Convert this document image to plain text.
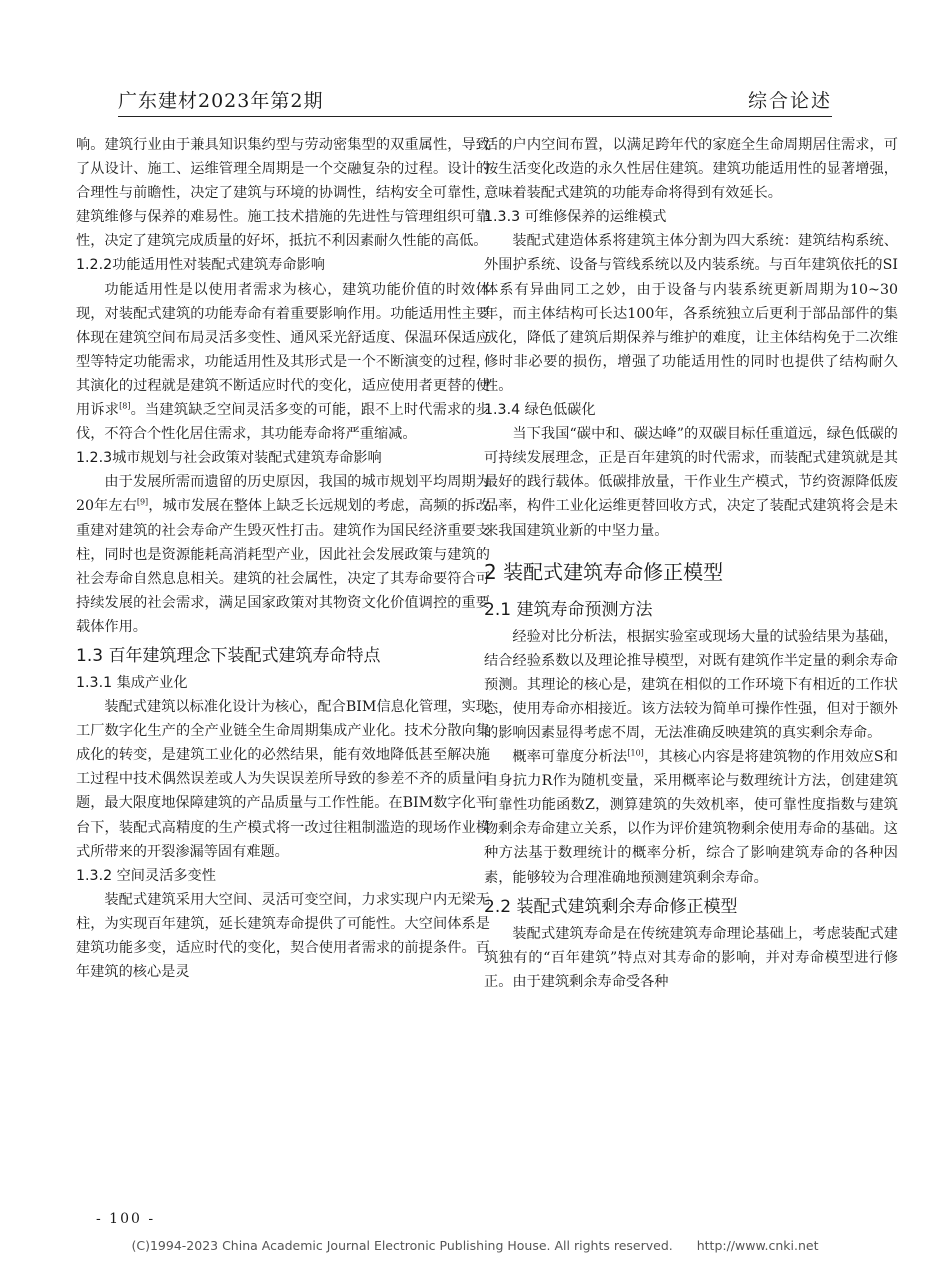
广东建材2023年第2期	综合论述

响。建筑行业由于兼具知识集约型与劳动密集型的双重属性，导致了从设计、施工、运维管理全周期是一个交融复杂的过程。设计的合理性与前瞻性，决定了建筑与环境的协调性，结构安全可靠性，建筑维修与保养的难易性。施工技术措施的先进性与管理组织可靠性，决定了建筑完成质量的好坏，抵抗不利因素耐久性能的高低。

1.2.2功能适用性对装配式建筑寿命影响

功能适用性是以使用者需求为核心，建筑功能价值的时效体现，对装配式建筑的功能寿命有着重要影响作用。功能适用性主要体现在建筑空间布局灵活多变性、通风采光舒适度、保温环保适应型等特定功能需求，功能适用性及其形式是一个不断演变的过程，其演化的过程就是建筑不断适应时代的变化，适应使用者更替的使用诉求[8]。当建筑缺乏空间灵活多变的可能，跟不上时代需求的步伐，不符合个性化居住需求，其功能寿命将严重缩减。

1.2.3城市规划与社会政策对装配式建筑寿命影响

由于发展所需而遗留的历史原因，我国的城市规划平均周期为20年左右[9]，城市发展在整体上缺乏长远规划的考虑，高频的拆改重建对建筑的社会寿命产生毁灭性打击。建筑作为国民经济重要支柱，同时也是资源能耗高消耗型产业，因此社会发展政策与建筑的社会寿命自然息息相关。建筑的社会属性，决定了其寿命要符合可持续发展的社会需求，满足国家政策对其物资文化价值调控的重要载体作用。

1.3 百年建筑理念下装配式建筑寿命特点
1.3.1 集成产业化

装配式建筑以标准化设计为核心，配合BIM信息化管理，实现工厂数字化生产的全产业链全生命周期集成产业化。技术分散向集成化的转变，是建筑工业化的必然结果，能有效地降低甚至解决施工过程中技术偶然误差或人为失误误差所导致的参差不齐的质量问题，最大限度地保障建筑的产品质量与工作性能。在BIM数字化平台下，装配式高精度的生产模式将一改过往粗制滥造的现场作业模式所带来的开裂渗漏等固有难题。

1.3.2 空间灵活多变性

装配式建筑采用大空间、灵活可变空间，力求实现户内无梁无柱，为实现百年建筑，延长建筑寿命提供了可能性。大空间体系是建筑功能多变，适应时代的变化，契合使用者需求的前提条件。百年建筑的核心是灵

活的户内空间布置，以满足跨年代的家庭全生命周期居住需求，可按生活变化改造的永久性居住建筑。建筑功能适用性的显著增强，意味着装配式建筑的功能寿命将得到有效延长。

1.3.3 可维修保养的运维模式

装配式建造体系将建筑主体分割为四大系统：建筑结构系统、外围护系统、设备与管线系统以及内装系统。与百年建筑依托的SI体系有异曲同工之妙，由于设备与内装系统更新周期为10~30年，而主体结构可长达100年，各系统独立后更利于部品部件的集成化，降低了建筑后期保养与维护的难度，让主体结构免于二次维修时非必要的损伤，增强了功能适用性的同时也提供了结构耐久性。

1.3.4 绿色低碳化

当下我国“碳中和、碳达峰”的双碳目标任重道远，绿色低碳的可持续发展理念，正是百年建筑的时代需求，而装配式建筑就是其最好的践行载体。低碳排放量，干作业生产模式，节约资源降低废品率，构件工业化运维更替回收方式，决定了装配式建筑将会是未来我国建筑业新的中坚力量。

2 装配式建筑寿命修正模型
2.1 建筑寿命预测方法

经验对比分析法，根据实验室或现场大量的试验结果为基础，结合经验系数以及理论推导模型，对既有建筑作半定量的剩余寿命预测。其理论的核心是，建筑在相似的工作环境下有相近的工作状态，使用寿命亦相接近。该方法较为简单可操作性强，但对于额外的影响因素显得考虑不周，无法准确反映建筑的真实剩余寿命。

概率可靠度分析法[10]，其核心内容是将建筑物的作用效应S和自身抗力R作为随机变量，采用概率论与数理统计方法，创建建筑可靠性功能函数Z，测算建筑的失效机率，使可靠性度指数与建筑物剩余寿命建立关系，以作为评价建筑物剩余使用寿命的基础。这种方法基于数理统计的概率分析，综合了影响建筑寿命的各种因素，能够较为合理准确地预测建筑剩余寿命。

2.2 装配式建筑剩余寿命修正模型

装配式建筑寿命是在传统建筑寿命理论基础上，考虑装配式建筑独有的“百年建筑”特点对其寿命的影响，并对寿命模型进行修正。由于建筑剩余寿命受各种

- 100 -
(C)1994-2023 China Academic Journal Electronic Publishing House. All rights reserved. http://www.cnki.net
